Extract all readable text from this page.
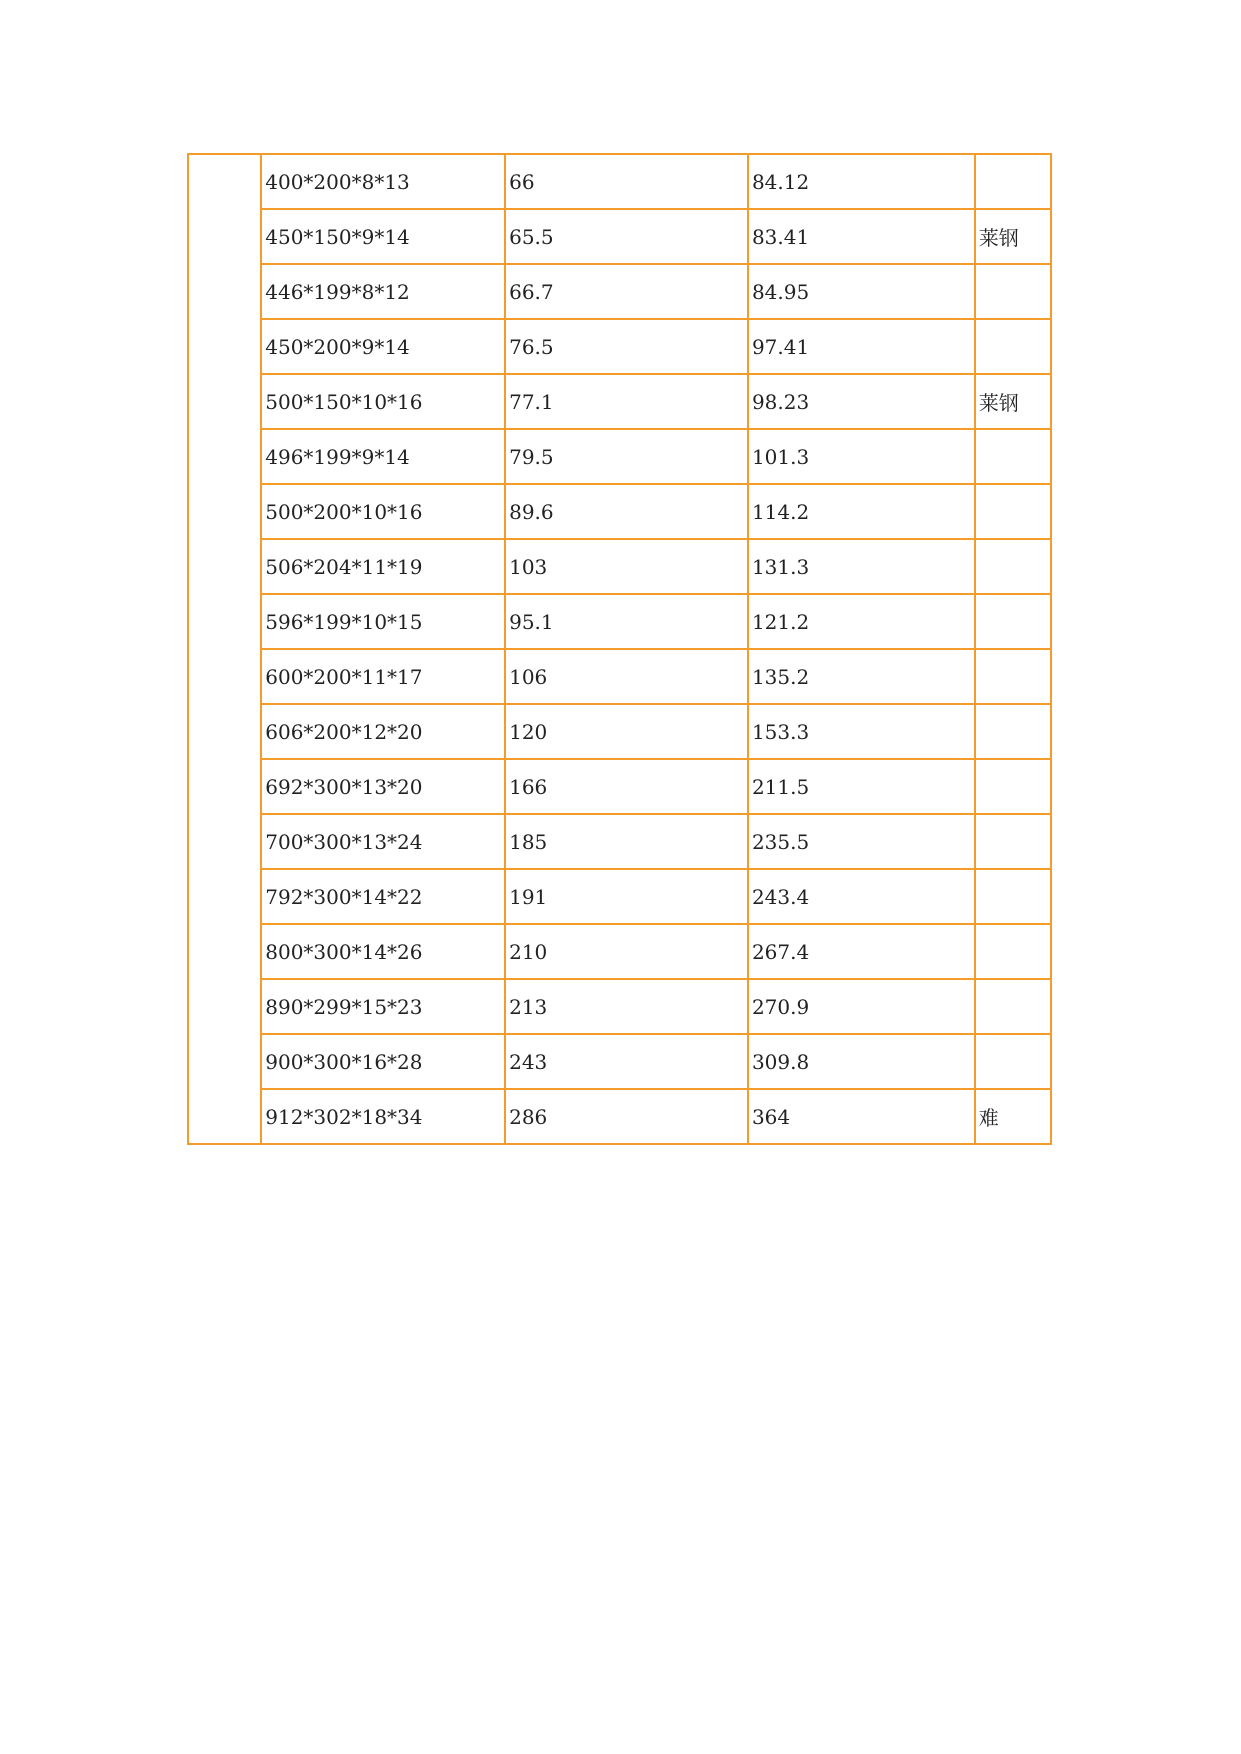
	400*200*8*13	66	84.12	
	450*150*9*14	65.5	83.41	莱钢
	446*199*8*12	66.7	84.95	
	450*200*9*14	76.5	97.41	
	500*150*10*16	77.1	98.23	莱钢
	496*199*9*14	79.5	101.3	
	500*200*10*16	89.6	114.2	
	506*204*11*19	103	131.3	
	596*199*10*15	95.1	121.2	
	600*200*11*17	106	135.2	
	606*200*12*20	120	153.3	
	692*300*13*20	166	211.5	
	700*300*13*24	185	235.5	
	792*300*14*22	191	243.4	
	800*300*14*26	210	267.4	
	890*299*15*23	213	270.9	
	900*300*16*28	243	309.8	
	912*302*18*34	286	364	难
